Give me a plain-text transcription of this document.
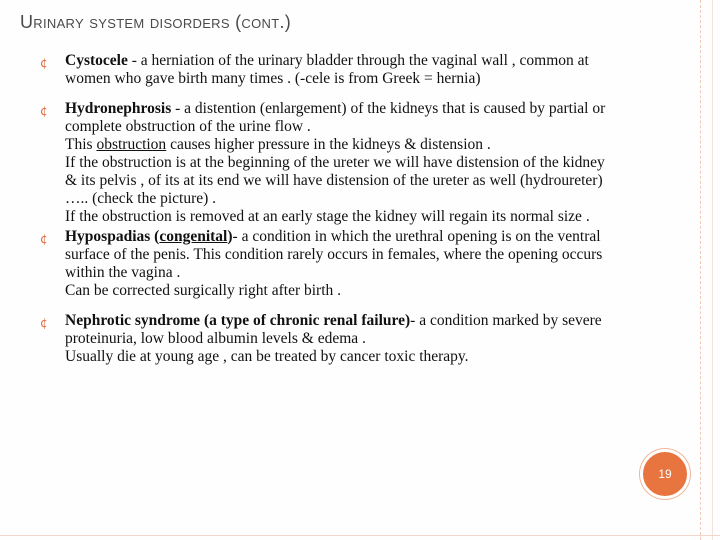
Urinary system disorders (cont.)
¢ Cystocele - a herniation of the urinary bladder through the vaginal wall , common at
women who gave birth many times . (-cele is from Greek = hernia)
¢ Hydronephrosis - a distention (enlargement) of the kidneys that is caused by partial or
complete obstruction of the urine flow .
This obstruction causes higher pressure in the kidneys & distension .
If the obstruction is at the beginning of the ureter we will have distension of the kidney
& its pelvis , of its at its end we will have distension of the ureter as well (hydroureter)
….. (check the picture) .
If the obstruction is removed at an early stage the kidney will regain its normal size .
¢ Hypospadias (congenital)- a condition in which the urethral opening is on the ventral
surface of the penis. This condition rarely occurs in females, where the opening occurs
within the vagina .
Can be corrected surgically right after birth .
¢ Nephrotic syndrome (a type of chronic renal failure)- a condition marked by severe
proteinuria, low blood albumin levels & edema .
Usually die at young age , can be treated by cancer toxic therapy.
19
